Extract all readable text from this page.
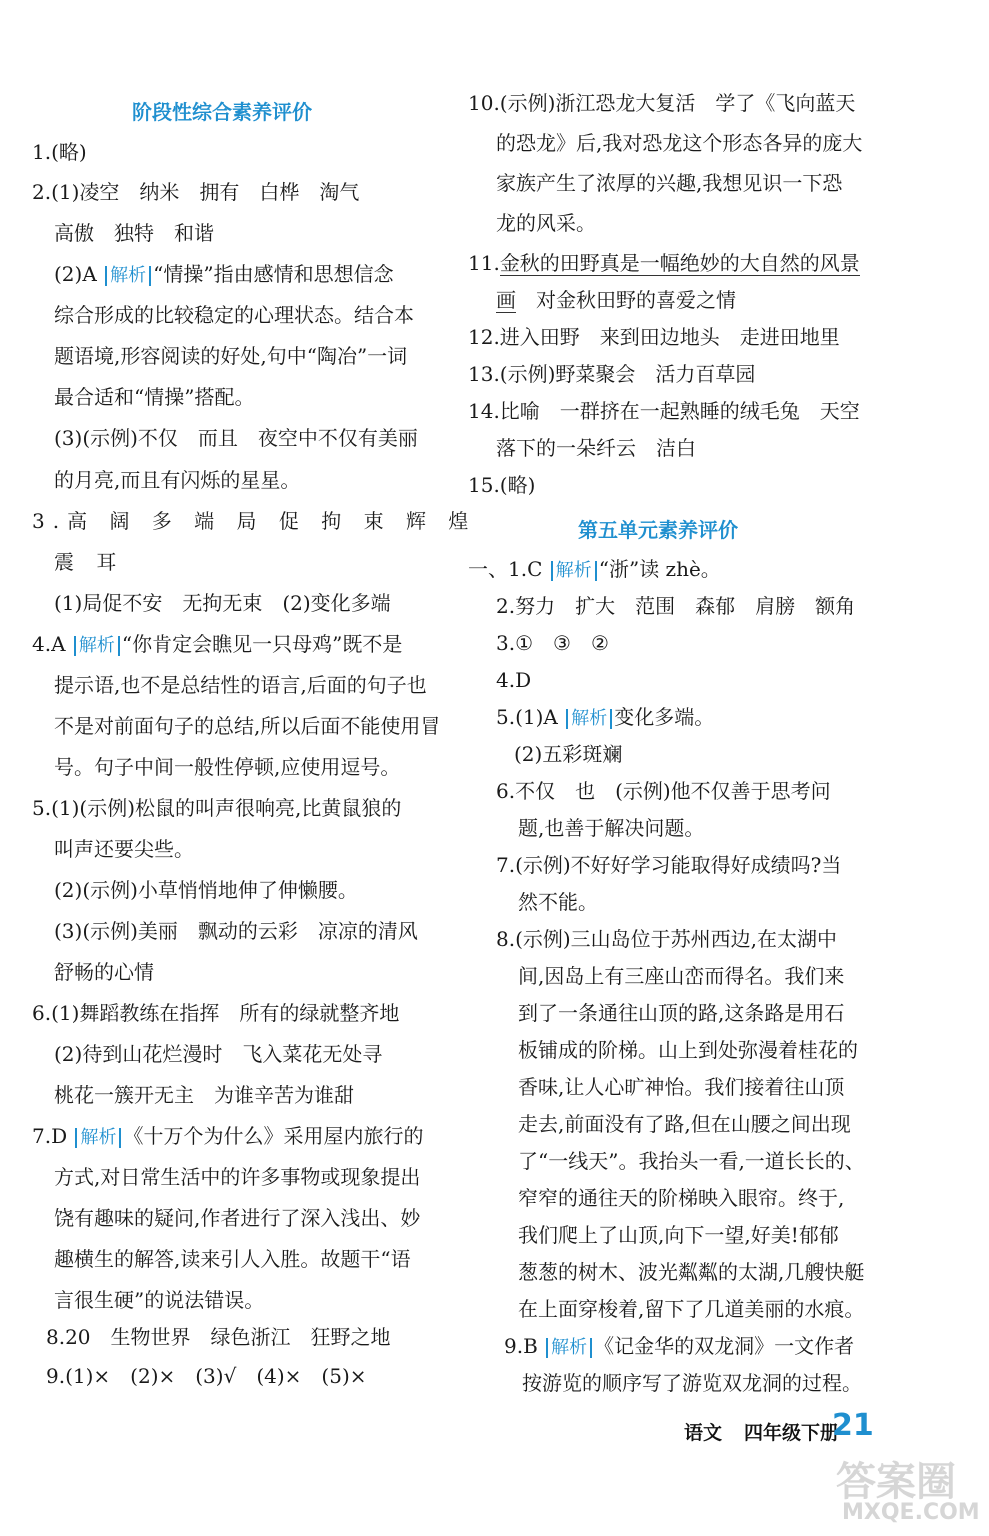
阶段性综合素养评价
1.(略)
2.(1)凌空　纳米　拥有　白桦　淘气
高傲　独特　和谐
(2)A 解析 “情操”指由感情和思想信念
综合形成的比较稳定的心理状态。结合本
题语境,形容阅读的好处,句中“陶冶”一词
最合适和“情操”搭配。
(3)(示例)不仅　而且　夜空中不仅有美丽
的月亮,而且有闪烁的星星。
3.高 阔 多 端 局 促 拘 束 辉 煌
震 耳
(1)局促不安　无拘无束　(2)变化多端
4.A 解析 “你肯定会瞧见一只母鸡”既不是
提示语,也不是总结性的语言,后面的句子也
不是对前面句子的总结,所以后面不能使用冒
号。句子中间一般性停顿,应使用逗号。
5.(1)(示例)松鼠的叫声很响亮,比黄鼠狼的
叫声还要尖些。
(2)(示例)小草悄悄地伸了伸懒腰。
(3)(示例)美丽　飘动的云彩　凉凉的清风
舒畅的心情
6.(1)舞蹈教练在指挥　所有的绿就整齐地
(2)待到山花烂漫时　飞入菜花无处寻
桃花一簇开无主　为谁辛苦为谁甜
7.D 解析 《十万个为什么》采用屋内旅行的
方式,对日常生活中的许多事物或现象提出
饶有趣味的疑问,作者进行了深入浅出、妙
趣横生的解答,读来引人入胜。故题干“语
言很生硬”的说法错误。
8.20　生物世界　绿色浙江　狂野之地
9.(1)×　(2)×　(3)√　(4)×　(5)×
10.(示例)浙江恐龙大复活　学了《飞向蓝天
的恐龙》后,我对恐龙这个形态各异的庞大
家族产生了浓厚的兴趣,我想见识一下恐
龙的风采。
11.金秋的田野真是一幅绝妙的大自然的风景
画　对金秋田野的喜爱之情
12.进入田野　来到田边地头　走进田地里
13.(示例)野菜聚会　活力百草园
14.比喻　一群挤在一起熟睡的绒毛兔　天空
落下的一朵纤云　洁白
15.(略)
第五单元素养评价
一、1.C 解析 “浙”读 zhè。
2.努力　扩大　范围　森郁　肩膀　额角
3.①　③　②
4.D
5.(1)A 解析 变化多端。
(2)五彩斑斓
6.不仅　也　(示例)他不仅善于思考问
题,也善于解决问题。
7.(示例)不好好学习能取得好成绩吗?当
然不能。
8.(示例)三山岛位于苏州西边,在太湖中
间,因岛上有三座山峦而得名。我们来
到了一条通往山顶的路,这条路是用石
板铺成的阶梯。山上到处弥漫着桂花的
香味,让人心旷神怡。我们接着往山顶
走去,前面没有了路,但在山腰之间出现
了“一线天”。我抬头一看,一道长长的、
窄窄的通往天的阶梯映入眼帘。终于,
我们爬上了山顶,向下一望,好美!郁郁
葱葱的树木、波光粼粼的太湖,几艘快艇
在上面穿梭着,留下了几道美丽的水痕。
9.B 解析 《记金华的双龙洞》一文作者
按游览的顺序写了游览双龙洞的过程。
语文 四年级下册
21
答案圈
MXQE.COM
